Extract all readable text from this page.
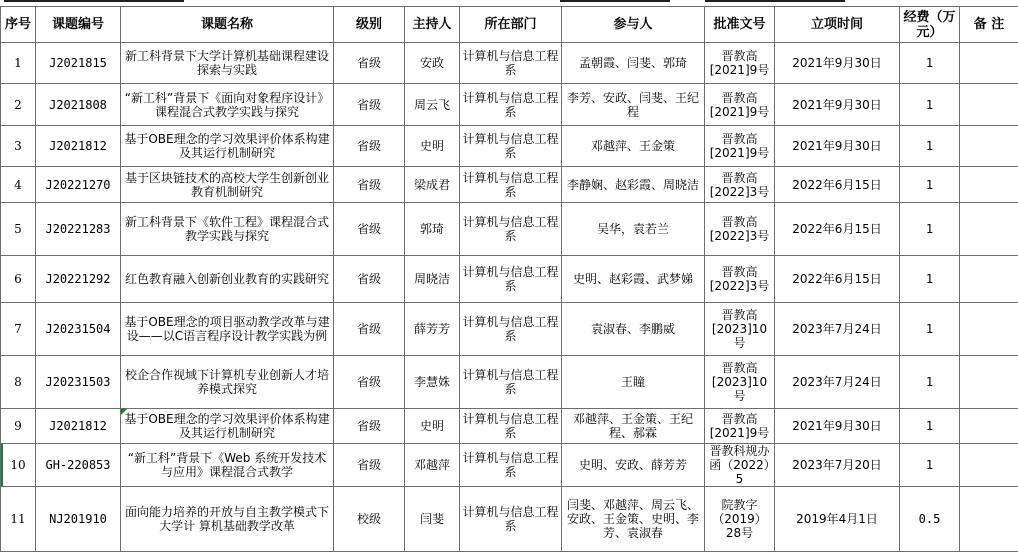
序号	课题编号	课题名称	级别	主持人	所在部门	参与人	批准文号	立项时间	经费（万元）	备 注
1	J2021815	新工科背景下大学计算机基础课程建设探索与实践	省级	安政	计算机与信息工程系	孟朝霞、闫斐、郭琦	晋教高[2021]9号	2021年9月30日	1	
2	J2021808	“新工科”背景下《面向对象程序设计》课程混合式教学实践与探究	省级	周云飞	计算机与信息工程系	李芳、安政、闫斐、王纪程	晋教高[2021]9号	2021年9月30日	1	
3	J2021812	基于OBE理念的学习效果评价体系构建及其运行机制研究	省级	史明	计算机与信息工程系	邓越萍、王金策	晋教高[2021]9号	2021年9月30日	1	
4	J20221270	基于区块链技术的高校大学生创新创业教育机制研究	省级	梁成君	计算机与信息工程系	李静娴、赵彩霞、周晓洁	晋教高[2022]3号	2022年6月15日	1	
5	J20221283	新工科背景下《软件工程》课程混合式教学实践与探究	省级	郭琦	计算机与信息工程系	吴华，袁若兰	晋教高[2022]3号	2022年6月15日	1	
6	J20221292	红色教育融入创新创业教育的实践研究	省级	周晓洁	计算机与信息工程系	史明、赵彩霞、武梦娣	晋教高[2022]3号	2022年6月15日	1	
7	J20231504	基于OBE理念的项目驱动教学改革与建设——以C语言程序设计教学实践为例	省级	薛芳芳	计算机与信息工程系	袁淑春、李鹏威	晋教高[2023]10号	2023年7月24日	1	
8	J20231503	校企合作视域下计算机专业创新人才培养模式探究	省级	李慧姝	计算机与信息工程系	王瞳	晋教高[2023]10号	2023年7月24日	1	
9	J2021812	基于OBE理念的学习效果评价体系构建及其运行机制研究	省级	史明	计算机与信息工程系	邓越萍、王金策、王纪程、郝霖	晋教高[2021]9号	2021年9月30日	1	
10	GH-220853	“新工科”背景下《Web 系统开发技术与应用》课程混合式教学	省级	邓越萍	计算机与信息工程系	史明、安政、薛芳芳	晋教科规办函（2022）5	2023年7月20日	1	
11	NJ201910	面向能力培养的开放与自主教学模式下大学计 算机基础教学改革	校级	闫斐	计算机与信息工程系	闫斐、邓越萍、周云飞、安政、王金策、史明、李芳、袁淑春	院教字（2019）28号	2019年4月1日	0.5	
